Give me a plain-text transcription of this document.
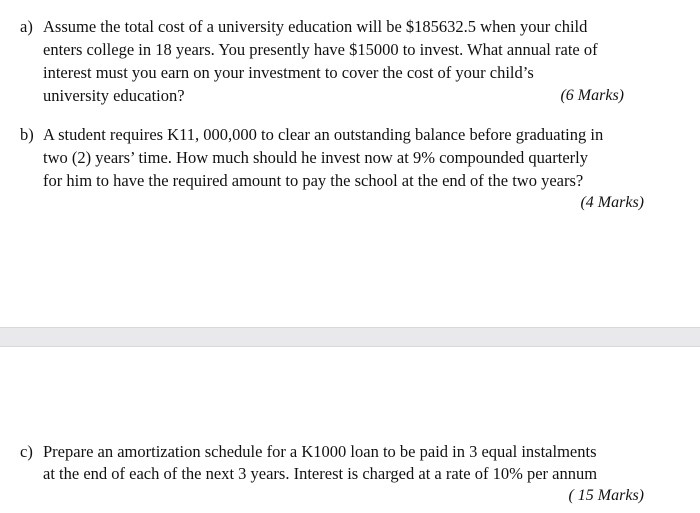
a) Assume the total cost of a university education will be $185632.5 when your child
enters college in 18 years. You presently have $15000 to invest. What annual rate of
interest must you earn on your investment to cover the cost of your child’s
university education?	(6 Marks)
b) A student requires K11, 000,000 to clear an outstanding balance before graduating in
two (2) years’ time. How much should he invest now at 9% compounded quarterly
for him to have the required amount to pay the school at the end of the two years?
(4 Marks)
c) Prepare an amortization schedule for a K1000 loan to be paid in 3 equal instalments
at the end of each of the next 3 years. Interest is charged at a rate of 10% per annum
( 15 Marks)
